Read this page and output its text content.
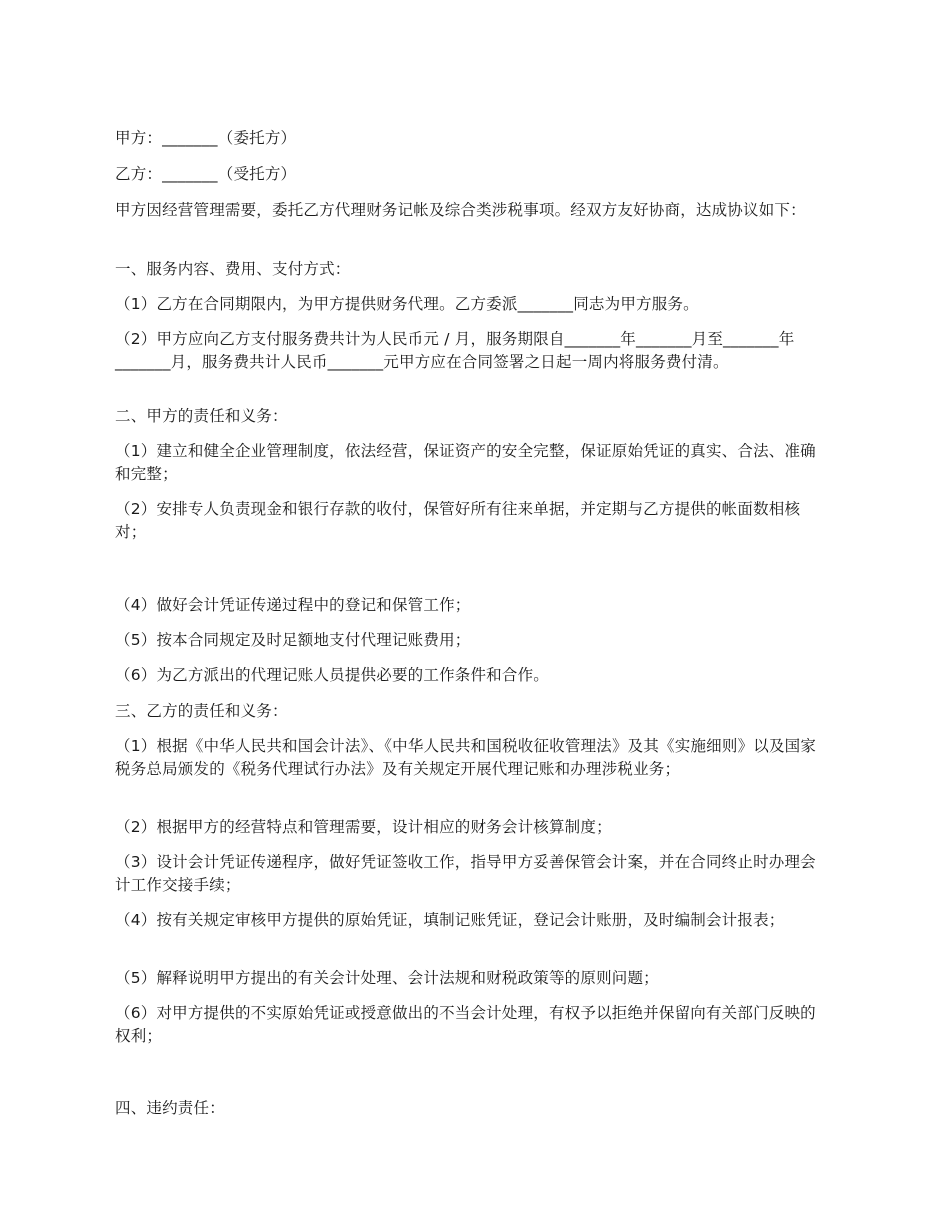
甲方：_______（委托方）
乙方：_______（受托方）
甲方因经营管理需要，委托乙方代理财务记帐及综合类涉税事项。经双方友好协商，达成协议如下：
一、服务内容、费用、支付方式：
（1）乙方在合同期限内，为甲方提供财务代理。乙方委派_______同志为甲方服务。
（2）甲方应向乙方支付服务费共计为人民币元 / 月，服务期限自_______年_______月至_______年_______月，服务费共计人民币_______元甲方应在合同签署之日起一周内将服务费付清。
二、甲方的责任和义务：
（1）建立和健全企业管理制度，依法经营，保证资产的安全完整，保证原始凭证的真实、合法、准确和完整；
（2）安排专人负责现金和银行存款的收付，保管好所有往来单据，并定期与乙方提供的帐面数相核对；
（4）做好会计凭证传递过程中的登记和保管工作；
（5）按本合同规定及时足额地支付代理记账费用；
（6）为乙方派出的代理记账人员提供必要的工作条件和合作。
三、乙方的责任和义务：
（1）根据《中华人民共和国会计法》、《中华人民共和国税收征收管理法》及其《实施细则》以及国家税务总局颁发的《税务代理试行办法》及有关规定开展代理记账和办理涉税业务；
（2）根据甲方的经营特点和管理需要，设计相应的财务会计核算制度；
（3）设计会计凭证传递程序，做好凭证签收工作，指导甲方妥善保管会计案，并在合同终止时办理会计工作交接手续；
（4）按有关规定审核甲方提供的原始凭证，填制记账凭证，登记会计账册，及时编制会计报表；
（5）解释说明甲方提出的有关会计处理、会计法规和财税政策等的原则问题；
（6）对甲方提供的不实原始凭证或授意做出的不当会计处理，有权予以拒绝并保留向有关部门反映的权利；
四、违约责任：
